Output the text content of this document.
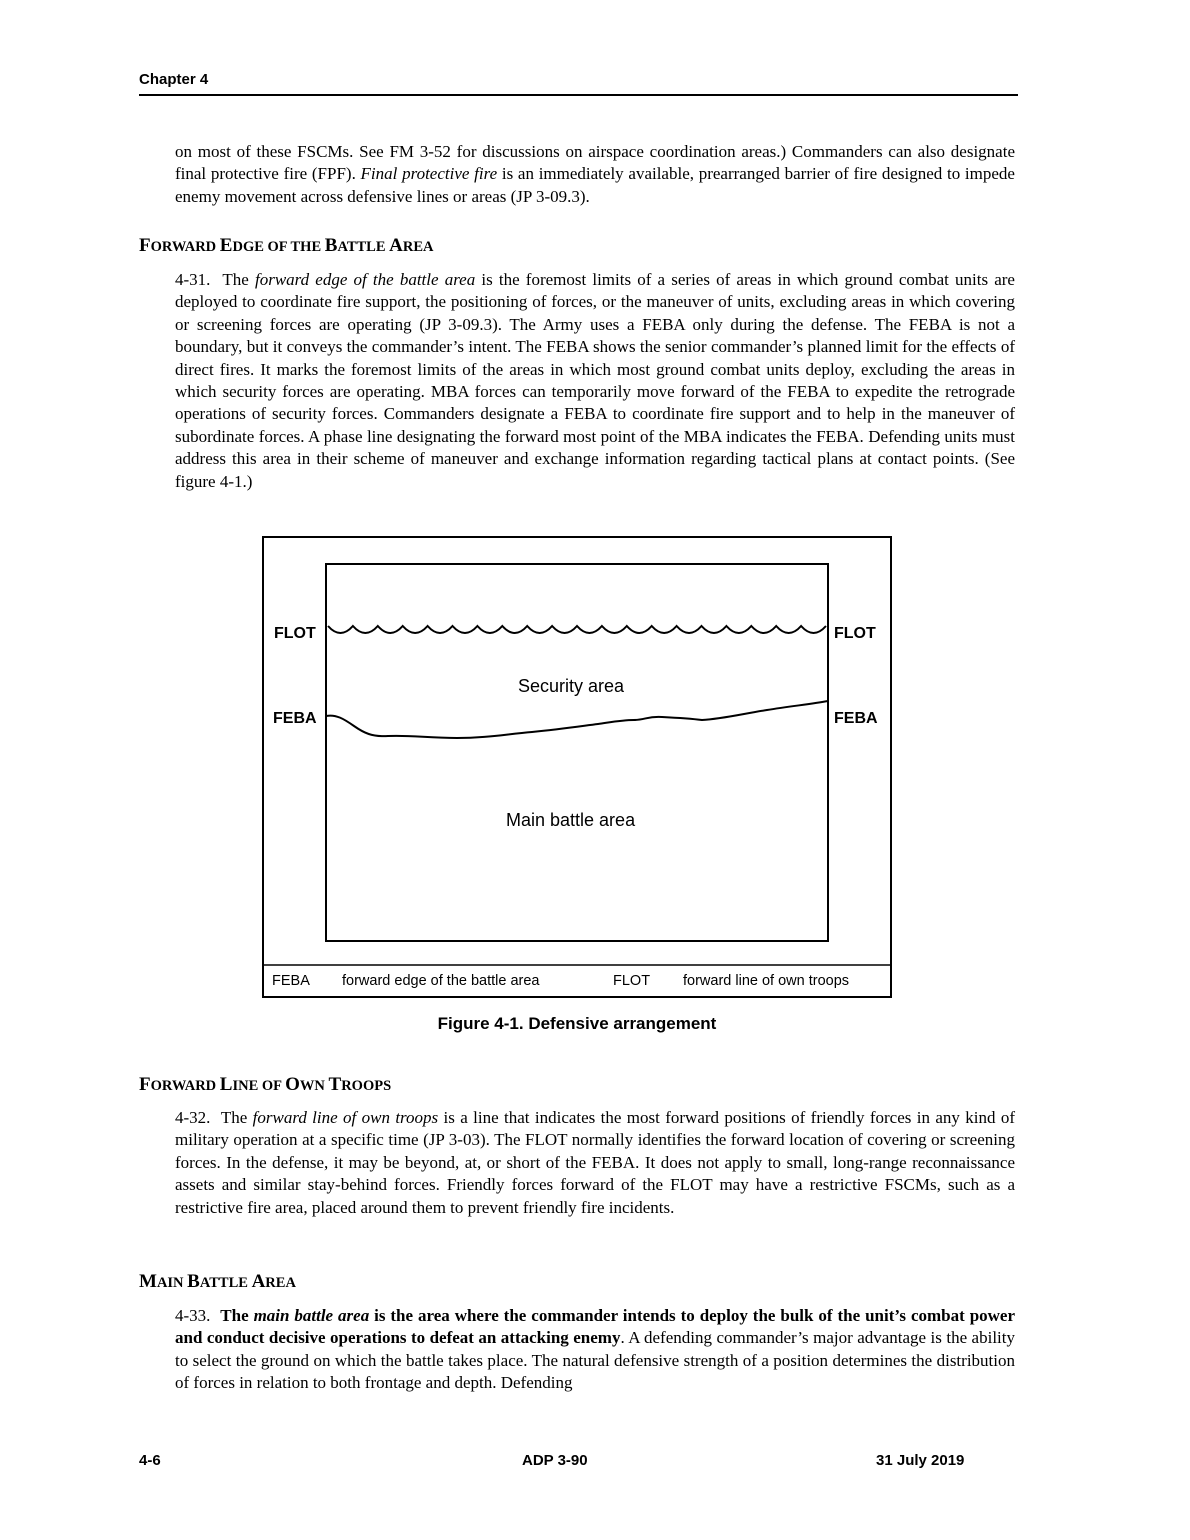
Chapter 4

on most of these FSCMs. See FM 3-52 for discussions on airspace coordination areas.) Commanders can also designate final protective fire (FPF). Final protective fire is an immediately available, prearranged barrier of fire designed to impede enemy movement across defensive lines or areas (JP 3-09.3).

FORWARD EDGE OF THE BATTLE AREA

4-31. The forward edge of the battle area is the foremost limits of a series of areas in which ground combat units are deployed to coordinate fire support, the positioning of forces, or the maneuver of units, excluding areas in which covering or screening forces are operating (JP 3-09.3). The Army uses a FEBA only during the defense. The FEBA is not a boundary, but it conveys the commander’s intent. The FEBA shows the senior commander’s planned limit for the effects of direct fires. It marks the foremost limits of the areas in which most ground combat units deploy, excluding the areas in which security forces are operating. MBA forces can temporarily move forward of the FEBA to expedite the retrograde operations of security forces. Commanders designate a FEBA to coordinate fire support and to help in the maneuver of subordinate forces. A phase line designating the forward most point of the MBA indicates the FEBA. Defending units must address this area in their scheme of maneuver and exchange information regarding tactical plans at contact points. (See figure 4-1.)

FLOT	FLOT
FEBA	FEBA
Security area
Main battle area
FEBA forward edge of the battle area	FLOT forward line of own troops
Figure 4-1. Defensive arrangement
FORWARD LINE OF OWN TROOPS

4-32. The forward line of own troops is a line that indicates the most forward positions of friendly forces in any kind of military operation at a specific time (JP 3-03). The FLOT normally identifies the forward location of covering or screening forces. In the defense, it may be beyond, at, or short of the FEBA. It does not apply to small, long-range reconnaissance assets and similar stay-behind forces. Friendly forces forward of the FLOT may have a restrictive FSCMs, such as a restrictive fire area, placed around them to prevent friendly fire incidents.

MAIN BATTLE AREA

4-33. The main battle area is the area where the commander intends to deploy the bulk of the unit’s combat power and conduct decisive operations to defeat an attacking enemy. A defending commander’s major advantage is the ability to select the ground on which the battle takes place. The natural defensive strength of a position determines the distribution of forces in relation to both frontage and depth. Defending

4-6	ADP 3-90	31 July 2019
